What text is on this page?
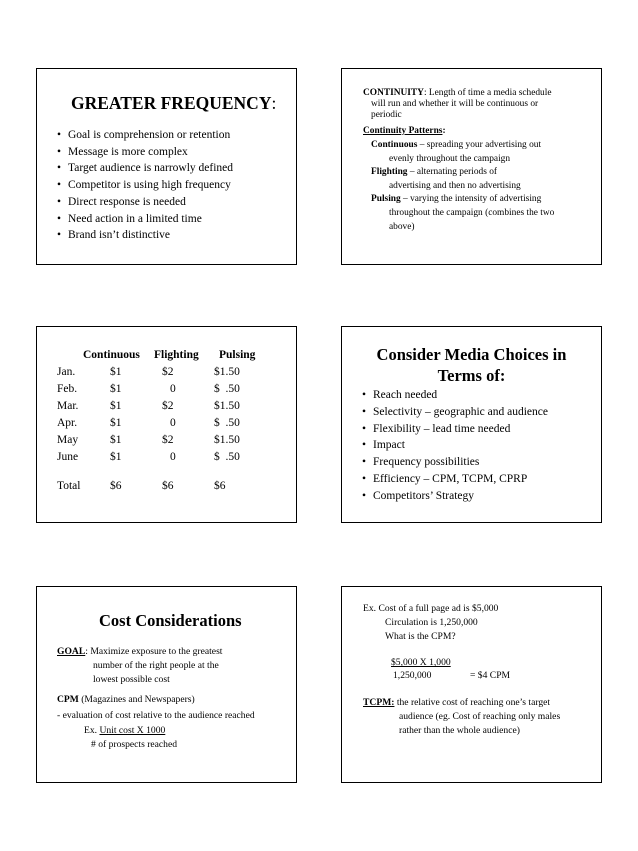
GREATER FREQUENCY:
• Goal is comprehension or retention
• Message is more complex
• Target audience is narrowly defined
• Competitor is using high frequency
• Direct response is needed
• Need action in a limited time
• Brand isn’t distinctive
CONTINUITY: Length of time a media schedule
will run and whether it will be continuous or
periodic
Continuity Patterns:
Continuous – spreading your advertising out
evenly throughout the campaign
Flighting – alternating periods of
advertising and then no advertising
Pulsing – varying the intensity of advertising
throughout the campaign (combines the two
above)
Continuous Flighting Pulsing
Jan.	$1	$2	$1.50
Feb.	$1	0	$  .50
Mar.	$1	$2	$1.50
Apr.	$1	0	$  .50
May	$1	$2	$1.50
June	$1	0	$  .50
Total	$6	$6	$6
Consider Media Choices in
Terms of:
• Reach needed
• Selectivity – geographic and audience
• Flexibility – lead time needed
• Impact
• Frequency possibilities
• Efficiency – CPM, TCPM, CPRP
• Competitors’ Strategy
Cost Considerations
GOAL: Maximize exposure to the greatest
number of the right people at the
lowest possible cost
CPM (Magazines and Newspapers)
- evaluation of cost relative to the audience reached
Ex. Unit cost X 1000
# of prospects reached
Ex. Cost of a full page ad is $5,000
Circulation is 1,250,000
What is the CPM?
$5,000 X 1,000
1,250,000	= $4 CPM
TCPM: the relative cost of reaching one’s target
audience (eg. Cost of reaching only males
rather than the whole audience)
